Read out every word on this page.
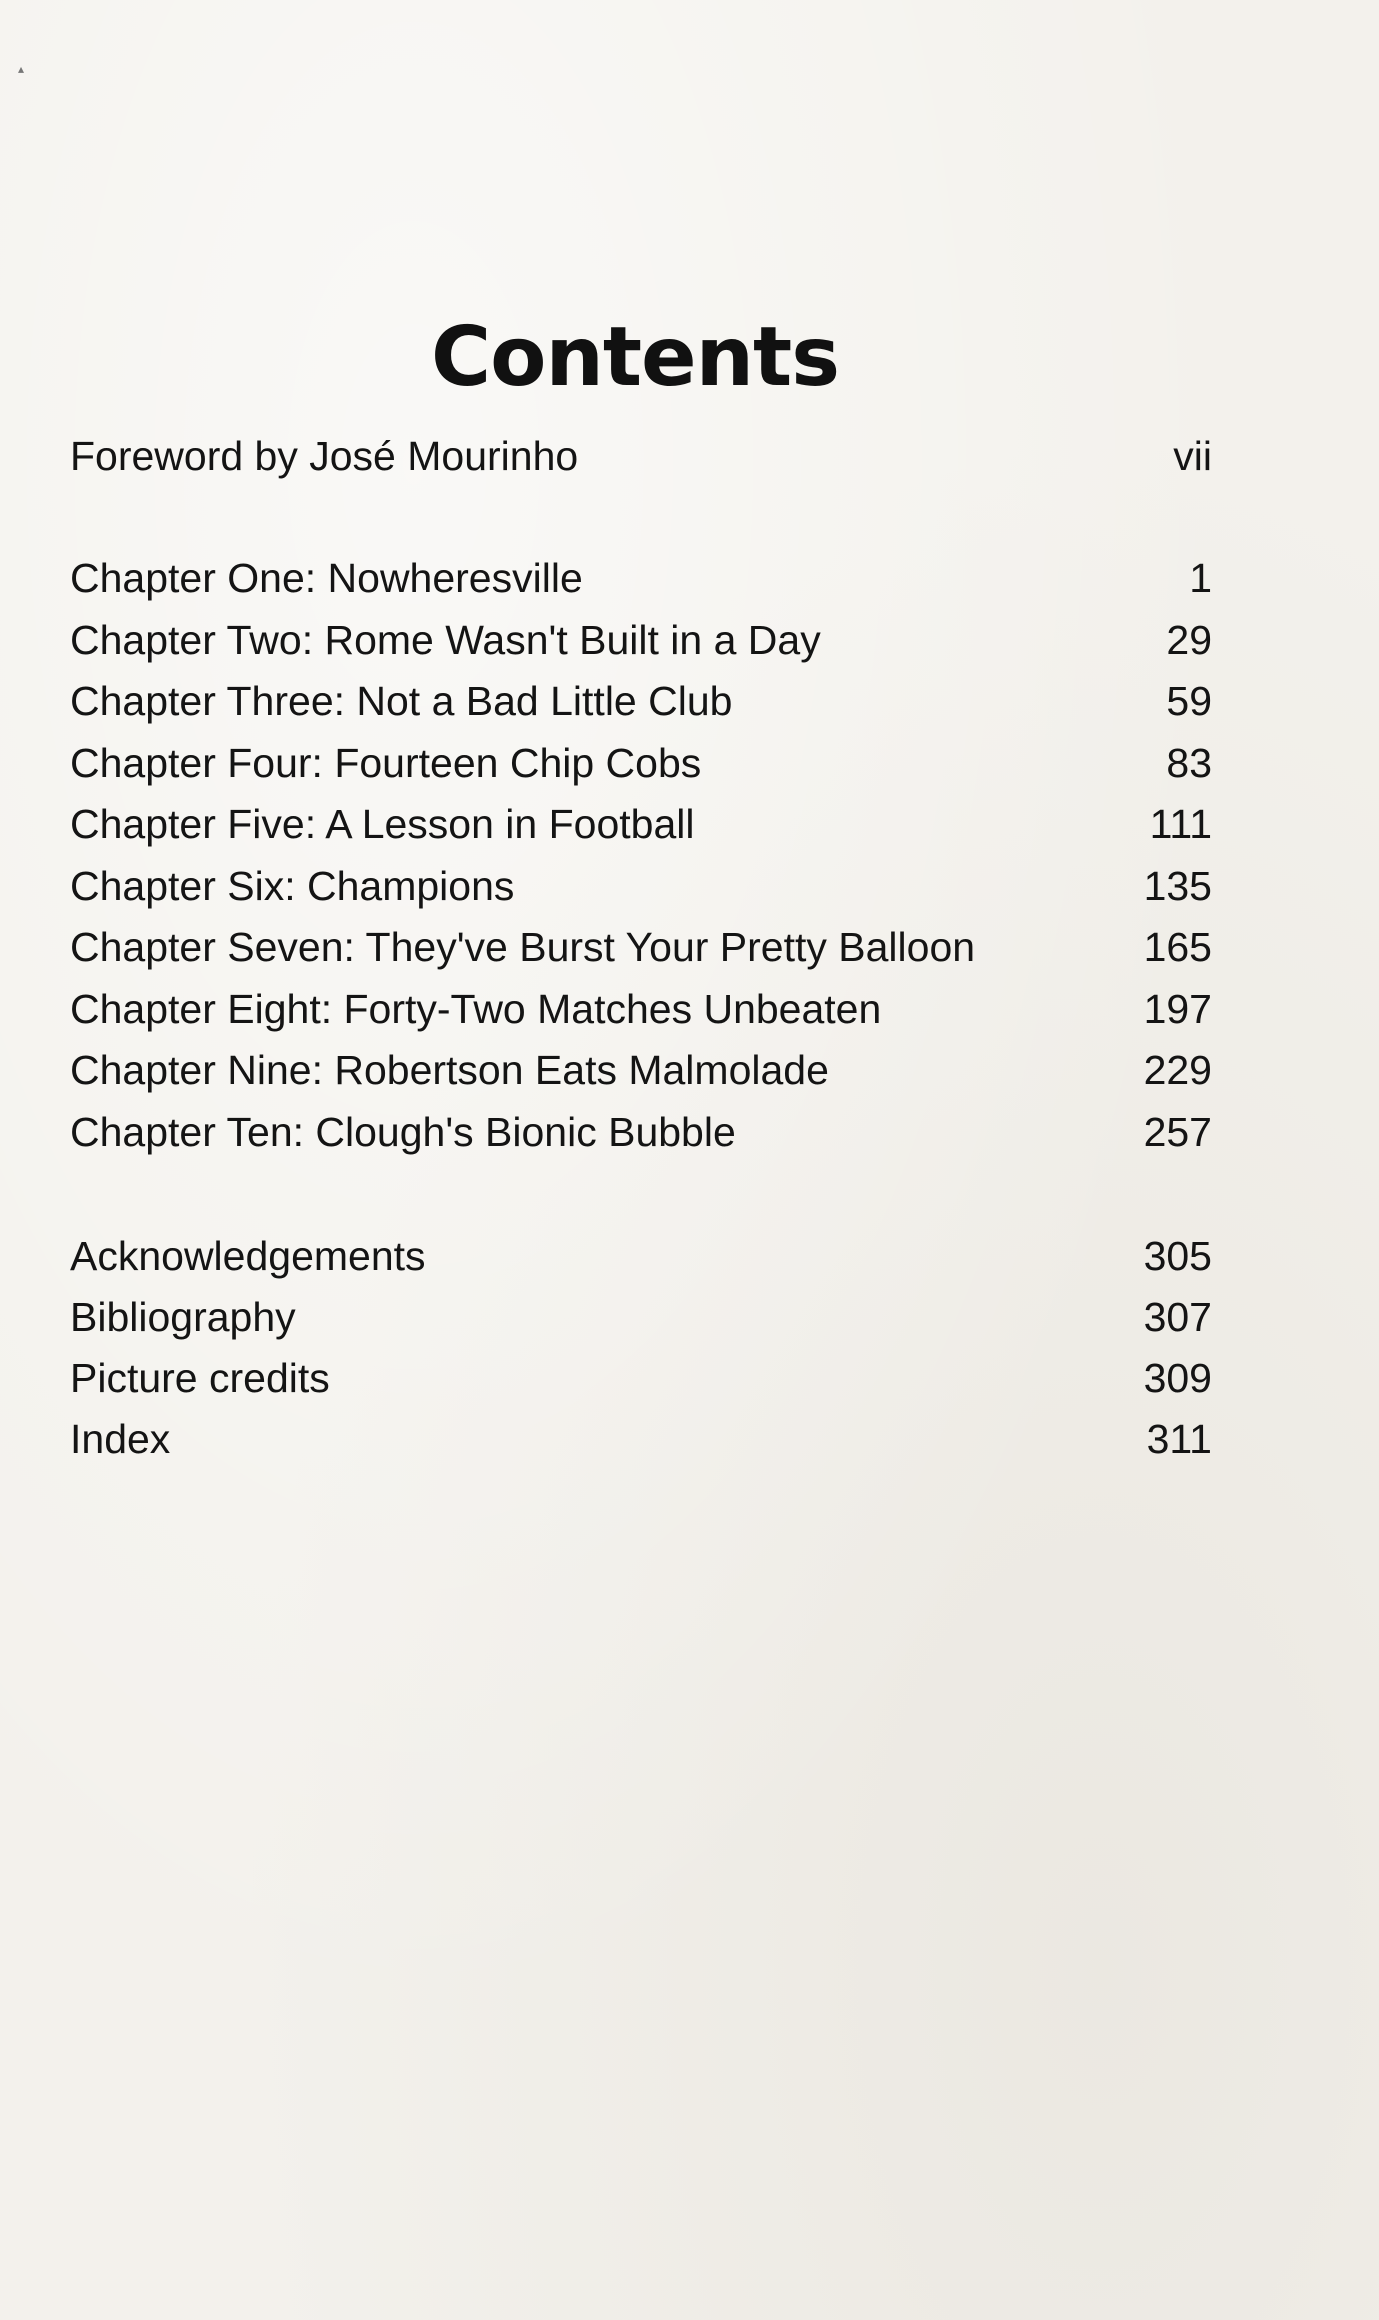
▴
Contents
Foreword by José Mourinho	vii
Chapter One: Nowheresville	1
Chapter Two: Rome Wasn't Built in a Day	29
Chapter Three: Not a Bad Little Club	59
Chapter Four: Fourteen Chip Cobs	83
Chapter Five: A Lesson in Football	111
Chapter Six: Champions	135
Chapter Seven: They've Burst Your Pretty Balloon	165
Chapter Eight: Forty-Two Matches Unbeaten	197
Chapter Nine: Robertson Eats Malmolade	229
Chapter Ten: Clough's Bionic Bubble	257
Acknowledgements	305
Bibliography	307
Picture credits	309
Index	311
